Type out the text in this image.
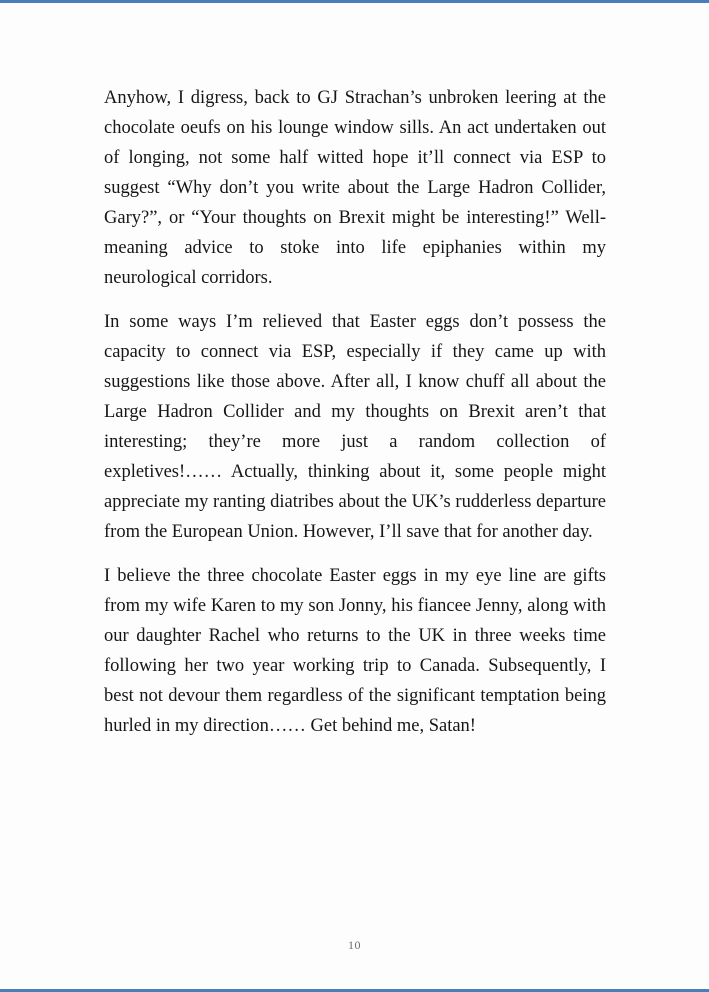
Anyhow, I digress, back to GJ Strachan’s unbroken leering at the chocolate oeufs on his lounge window sills. An act undertaken out of longing, not some half witted hope it’ll connect via ESP to suggest “Why don’t you write about the Large Hadron Collider, Gary?”, or “Your thoughts on Brexit might be interesting!” Well-meaning advice to stoke into life epiphanies within my neurological corridors.

In some ways I’m relieved that Easter eggs don’t possess the capacity to connect via ESP, especially if they came up with suggestions like those above. After all, I know chuff all about the Large Hadron Collider and my thoughts on Brexit aren’t that interesting; they’re more just a random collection of expletives!…… Actually, thinking about it, some people might appreciate my ranting diatribes about the UK’s rudderless departure from the European Union. However, I’ll save that for another day.

I believe the three chocolate Easter eggs in my eye line are gifts from my wife Karen to my son Jonny, his fiancee Jenny, along with our daughter Rachel who returns to the UK in three weeks time following her two year working trip to Canada. Subsequently, I best not devour them regardless of the significant temptation being hurled in my direction…… Get behind me, Satan!

10
